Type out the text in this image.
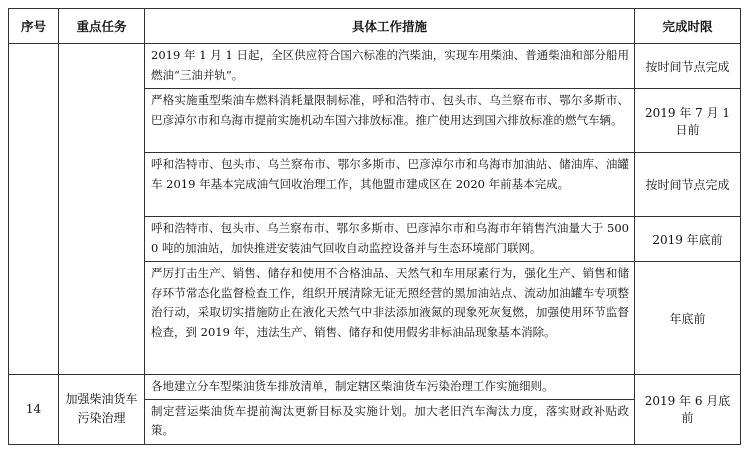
序号	重点任务	具体工作措施	完成时限
		2019 年 1 月 1 日起，全区供应符合国六标准的汽柴油，实现车用柴油、普通柴油和部分船用燃油“三油并轨”。	按时间节点完成
		严格实施重型柴油车燃料消耗量限制标准，呼和浩特市、包头市、乌兰察布市、鄂尔多斯市、巴彦淖尔市和乌海市提前实施机动车国六排放标准。推广使用达到国六排放标准的燃气车辆。	2019 年 7 月 1 日前
		呼和浩特市、包头市、乌兰察布市、鄂尔多斯市、巴彦淖尔市和乌海市加油站、储油库、油罐车 2019 年基本完成油气回收治理工作，其他盟市建成区在 2020 年前基本完成。	按时间节点完成
		呼和浩特市、包头市、乌兰察布市、鄂尔多斯市、巴彦淖尔市和乌海市年销售汽油量大于 5000 吨的加油站，加快推进安装油气回收自动监控设备并与生态环境部门联网。	2019 年底前
		严厉打击生产、销售、储存和使用不合格油品、天然气和车用尿素行为，强化生产、销售和储存环节常态化监督检查工作，组织开展清除无证无照经营的黑加油站点、流动加油罐车专项整治行动，采取切实措施防止在液化天然气中非法添加液氮的现象死灰复燃，加强使用环节监督检查，到 2019 年，违法生产、销售、储存和使用假劣非标油品现象基本消除。	年底前
14	加强柴油货车污染治理	各地建立分车型柴油货车排放清单，制定辖区柴油货车污染治理工作实施细则。	2019 年 6 月底前
		制定营运柴油货车提前淘汰更新目标及实施计划。加大老旧汽车淘汰力度，落实财政补贴政策。	
